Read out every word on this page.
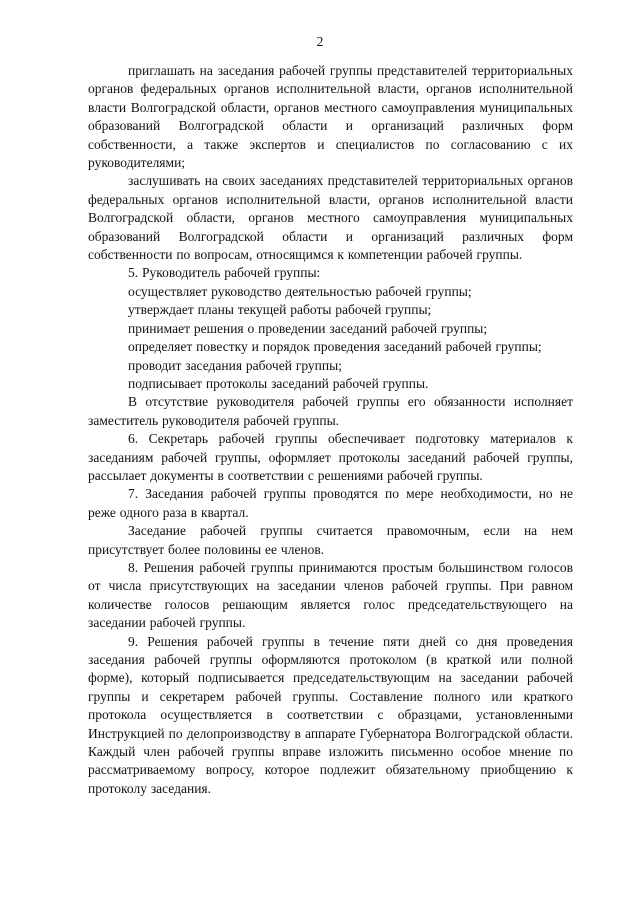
2

приглашать на заседания рабочей группы представителей территориальных органов федеральных органов исполнительной власти, органов исполнительной власти Волгоградской области, органов местного самоуправления муниципальных образований Волгоградской области и организаций различных форм собственности, а также экспертов и специалистов по согласованию с их руководителями;

заслушивать на своих заседаниях представителей территориальных органов федеральных органов исполнительной власти, органов исполнительной власти Волгоградской области, органов местного самоуправления муниципальных образований Волгоградской области и организаций различных форм собственности по вопросам, относящимся к компетенции рабочей группы.

5. Руководитель рабочей группы:

осуществляет руководство деятельностью рабочей группы;

утверждает планы текущей работы рабочей группы;

принимает решения о проведении заседаний рабочей группы;

определяет повестку и порядок проведения заседаний рабочей группы;

проводит заседания рабочей группы;

подписывает протоколы заседаний рабочей группы.

В отсутствие руководителя рабочей группы его обязанности исполняет заместитель руководителя рабочей группы.

6. Секретарь рабочей группы обеспечивает подготовку материалов к заседаниям рабочей группы, оформляет протоколы заседаний рабочей группы, рассылает документы в соответствии с решениями рабочей группы.

7. Заседания рабочей группы проводятся по мере необходимости, но не реже одного раза в квартал.

Заседание рабочей группы считается правомочным, если на нем присутствует более половины ее членов.

8. Решения рабочей группы принимаются простым большинством голосов от числа присутствующих на заседании членов рабочей группы. При равном количестве голосов решающим является голос председательствующего на заседании рабочей группы.

9. Решения рабочей группы в течение пяти дней со дня проведения заседания рабочей группы оформляются протоколом (в краткой или полной форме), который подписывается председательствующим на заседании рабочей группы и секретарем рабочей группы. Составление полного или краткого протокола осуществляется в соответствии с образцами, установленными Инструкцией по делопроизводству в аппарате Губернатора Волгоградской области. Каждый член рабочей группы вправе изложить письменно особое мнение по рассматриваемому вопросу, которое подлежит обязательному приобщению к протоколу заседания.
